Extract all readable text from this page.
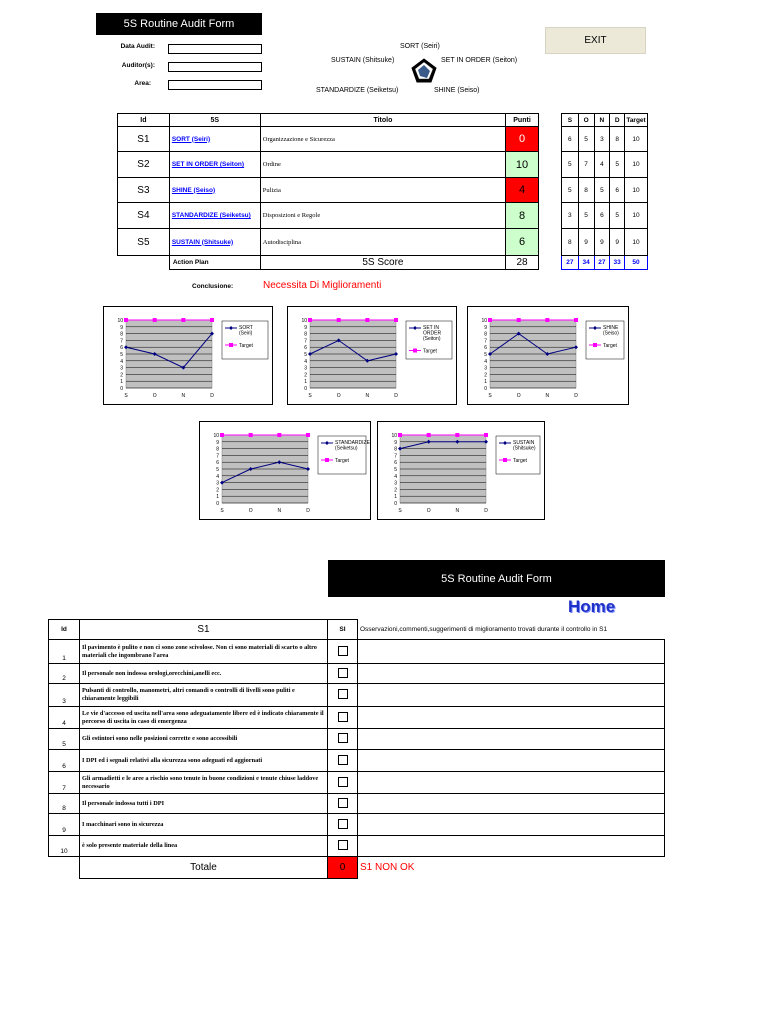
5S Routine Audit Form
Data Audit:
Auditor(s):
Area:
EXIT
SORT (Seiri)
SUSTAIN (Shitsuke)	SET IN ORDER (Seiton)
STANDARDIZE (Seiketsu)	SHINE (Seiso)
Id	5S	Titolo	Punti
S1	SORT (Seiri)	Organizzazione e Sicurezza	0
S2	SET IN ORDER (Seiton)	Ordine	10
S3	SHINE (Seiso)	Pulizia	4
S4	STANDARDIZE (Seiketsu)	Disposizioni e Regole	8
S5	SUSTAIN (Shitsuke)	Autodisciplina	6
	Action Plan	5S Score	28
S	O	N	D	Target
6	5	3	8	10
5	7	4	5	10
5	8	5	6	10
3	5	6	5	10
8	9	9	9	10
27	34	27	33	50
Conclusione:	Necessita Di Miglioramenti
0
1
2
3
4
5
6
7
8
9
10
S	O	N	D
SORT (Seiri)
Target
0
1
2
3
4
5
6
7
8
9
10
S	O	N	D
SET IN ORDER (Seiton)
Target
0
1
2
3
4
5
6
7
8
9
10
S	O	N	D
SHINE (Seiso)
Target
0
1
2
3
4
5
6
7
8
9
10
S	O	N	D
STANDARDIZE (Seiketsu)
Target
0
1
2
3
4
5
6
7
8
9
10
S	O	N	D
SUSTAIN (Shitsuke)
Target
5S Routine Audit Form
Home
Id	S1	SI	Osservazioni,commenti,suggerimenti di miglioramento trovati durante il controllo in S1
1	Il pavimento è pulito e non ci sono zone scivolose. Non ci sono materiali di scarto o altro materiali che ingombrano l'area		
2	Il personale non indossa orologi,orecchini,anelli ecc.		
3	Pulsanti di controllo, manometri, altri comandi o controlli di livelli sono puliti e chiaramente leggibili		
4	Le vie d'accesso ed uscita nell'area sono adeguatamente libere ed è indicato chiaramente il percorso di uscita in caso di emergenza		
5	Gli estintori sono nelle posizioni corrette e sono accessibili		
6	I DPI ed i segnali relativi alla sicurezza sono adeguati ed aggiornati		
7	Gli armadietti e le aree a rischio sono tenute in buone condizioni e tenute chiuse laddove necessario		
8	Il personale indossa tutti i DPI		
9	I macchinari sono in sicurezza		
10	è solo presente materiale della linea		
	Totale	0	S1 NON OK
